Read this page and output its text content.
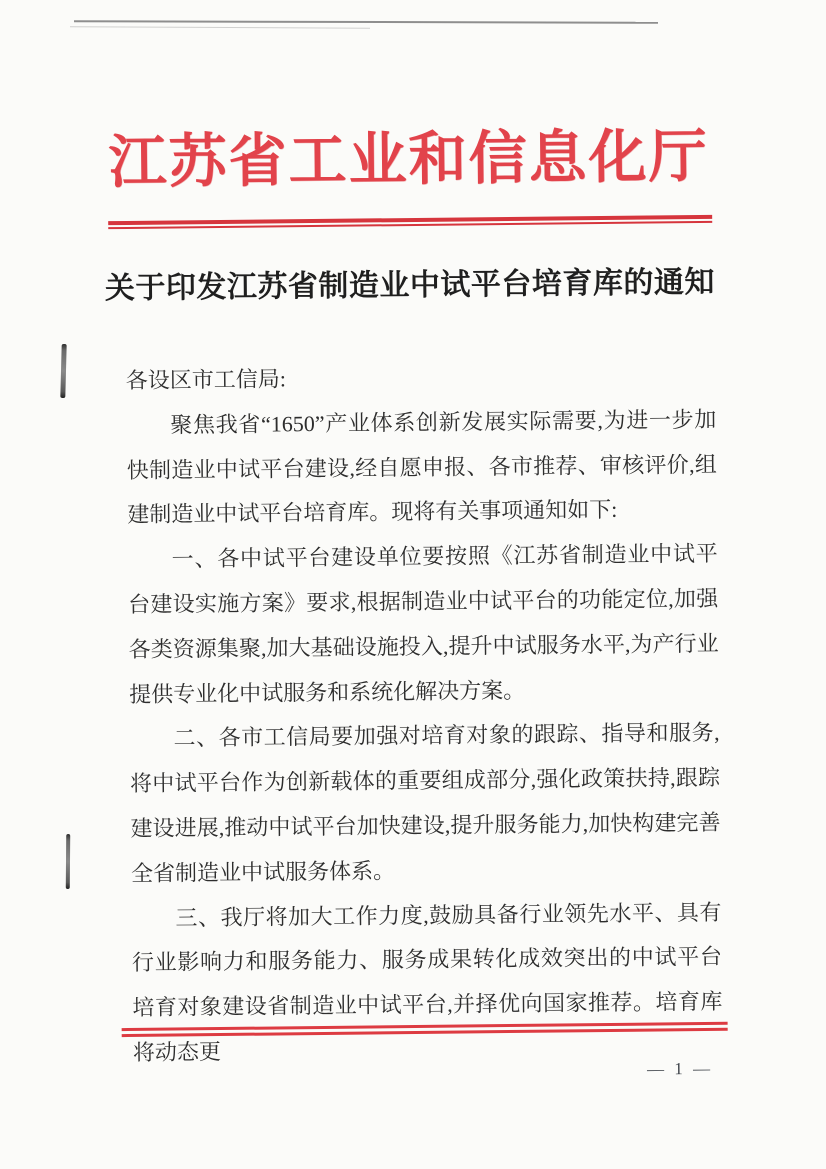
江苏省工业和信息化厅
关于印发江苏省制造业中试平台培育库的通知

各设区市工信局:

聚焦我省“1650”产业体系创新发展实际需要,为进一步加快制造业中试平台建设,经自愿申报、各市推荐、审核评价,组建制造业中试平台培育库。现将有关事项通知如下:

一、各中试平台建设单位要按照《江苏省制造业中试平台建设实施方案》要求,根据制造业中试平台的功能定位,加强各类资源集聚,加大基础设施投入,提升中试服务水平,为产行业提供专业化中试服务和系统化解决方案。

二、各市工信局要加强对培育对象的跟踪、指导和服务,将中试平台作为创新载体的重要组成部分,强化政策扶持,跟踪建设进展,推动中试平台加快建设,提升服务能力,加快构建完善全省制造业中试服务体系。

三、我厅将加大工作力度,鼓励具备行业领先水平、具有行业影响力和服务能力、服务成果转化成效突出的中试平台培育对象建设省制造业中试平台,并择优向国家推荐。培育库将动态更

— 1 —
